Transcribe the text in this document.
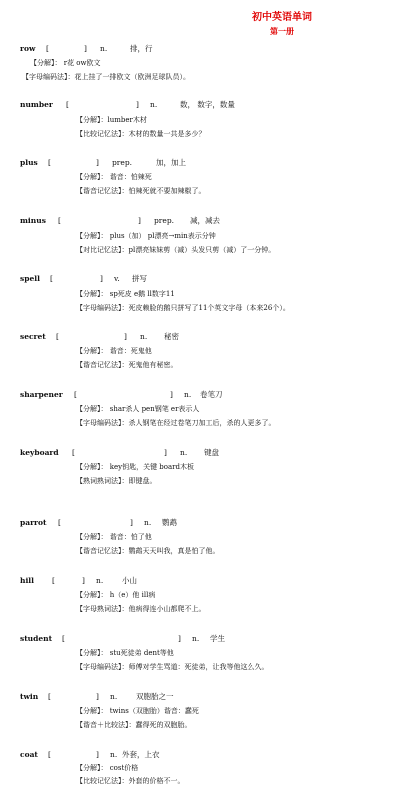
初中英语单词
第一册
row [	] n.	排，行
【分解】： r花 ow欧文
【字母编码法】：花上挂了一排欧文（欧洲足球队员）。
number [	] n.	数， 数字，数量
【分解】：lumber木材
【比较记忆法】：木材的数量一共是多少？
plus [	] prep.	加，加上
【分解】： 谐音：怕辣死
【谐音记忆法】：怕辣死就不要加辣椒了。
minus [	] prep. 减，减去
【分解】： plus（加） pl漂亮→min表示分钟
【对比记忆法】：pl漂亮妹妹剪（减）头发只剪（减）了一分钟。
spell [	] v. 拼写
【分解】： sp死皮 e鹅 ll数字11
【字母编码法】：死皮赖脸的鹅只拼写了11个英文字母（本来26个）。
secret [	] n. 秘密
【分解】： 谐音：死鬼他
【谐音记忆法】：死鬼他有秘密。
sharpener [	] n. 卷笔刀
【分解】： shar杀人 pen钢笔 er表示人
【字母编码法】：杀人钢笔在经过卷笔刀加工后，杀的人更多了。
keyboard [	] n. 键盘
【分解】： key钥匙，关键 board木板
【熟词熟词法】：即键盘。
parrot [	] n. 鹦鹉
【分解】： 谐音：怕了他
【谐音记忆法】：鹦鹉天天叫我，真是怕了他。
hill [	] n.	小山
【分解】： h（e）他 ill病
【字母熟词法】：他病得连小山都爬不上。
student [	] n. 学生
【分解】： stu死徒弟 dent等他
【字母编码法】：师傅对学生骂道：死徒弟，让我等他这么久。
twin [	] n.	双胞胎之一
【分解】： twins（双胞胎）谐音：蠢死
【谐音＋比较法】：蠢得死的双胞胎。
coat [	] n. 外套，上衣
【分解】： cost价格
【比较记忆法】：外套的价格不一。
